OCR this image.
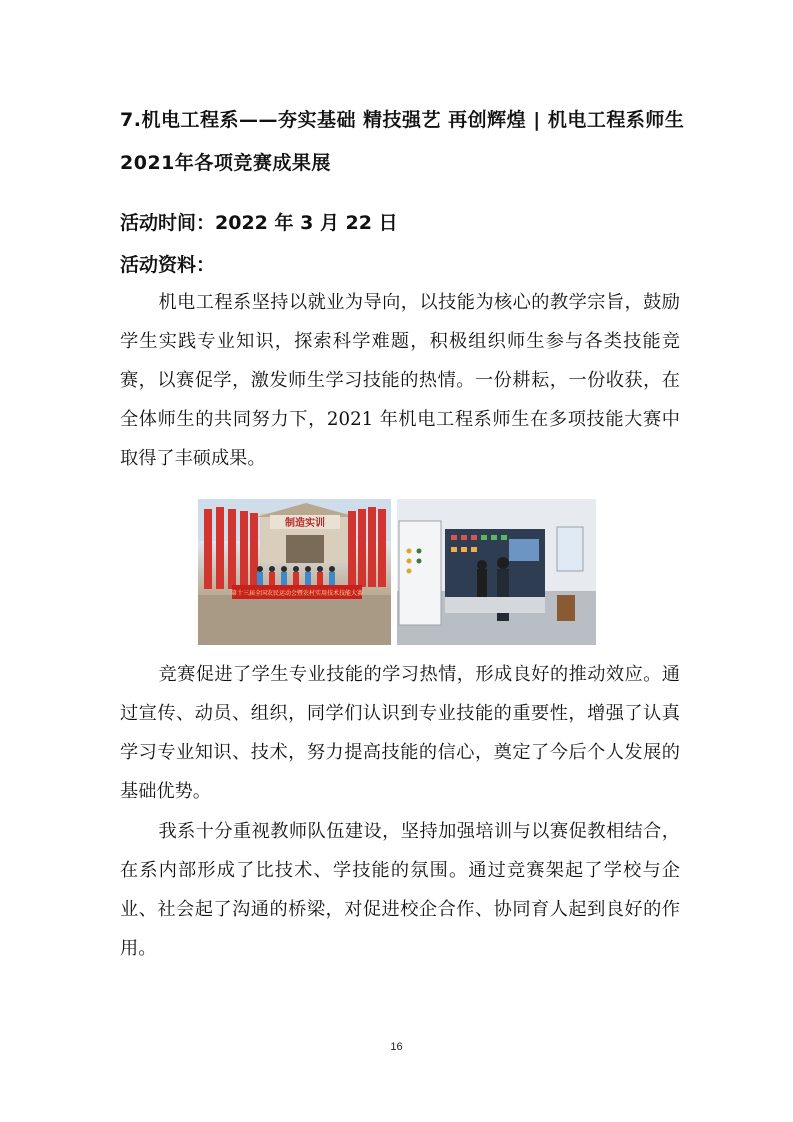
7.机电工程系——夯实基础 精技强艺 再创辉煌 | 机电工程系师生
2021年各项竞赛成果展
活动时间：2022 年 3 月 22 日
活动资料：

机电工程系坚持以就业为导向，以技能为核心的教学宗旨，鼓励学生实践专业知识，探索科学难题，积极组织师生参与各类技能竞赛，以赛促学，激发师生学习技能的热情。一份耕耘，一份收获，在全体师生的共同努力下，2021 年机电工程系师生在多项技能大赛中取得了丰硕成果。

制造实训
第十三届全国农民运动会暨农村实用技术技能大赛

竞赛促进了学生专业技能的学习热情，形成良好的推动效应。通过宣传、动员、组织，同学们认识到专业技能的重要性，增强了认真学习专业知识、技术，努力提高技能的信心，奠定了今后个人发展的基础优势。

我系十分重视教师队伍建设，坚持加强培训与以赛促教相结合，在系内部形成了比技术、学技能的氛围。通过竞赛架起了学校与企业、社会起了沟通的桥梁，对促进校企合作、协同育人起到良好的作用。

16
